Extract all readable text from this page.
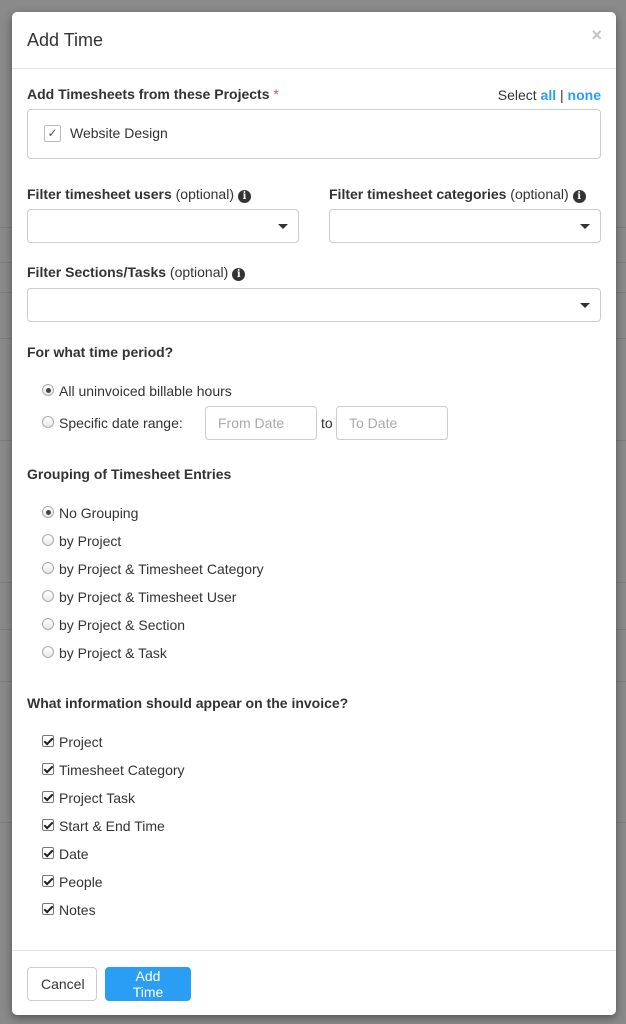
Add Time	×
Add Timesheets from these Projects *	Select all | none
✓ Website Design
Filter timesheet users (optional) i	Filter timesheet categories (optional) i
Filter Sections/Tasks (optional) i
For what time period?
All uninvoiced billable hours
Specific date range:
From Date	to
To Date
Grouping of Timesheet Entries
No Grouping
by Project
by Project & Timesheet Category
by Project & Timesheet User
by Project & Section
by Project & Task
What information should appear on the invoice?
Project
Timesheet Category
Project Task
Start & End Time
Date
People
Notes
Cancel	Add Time
